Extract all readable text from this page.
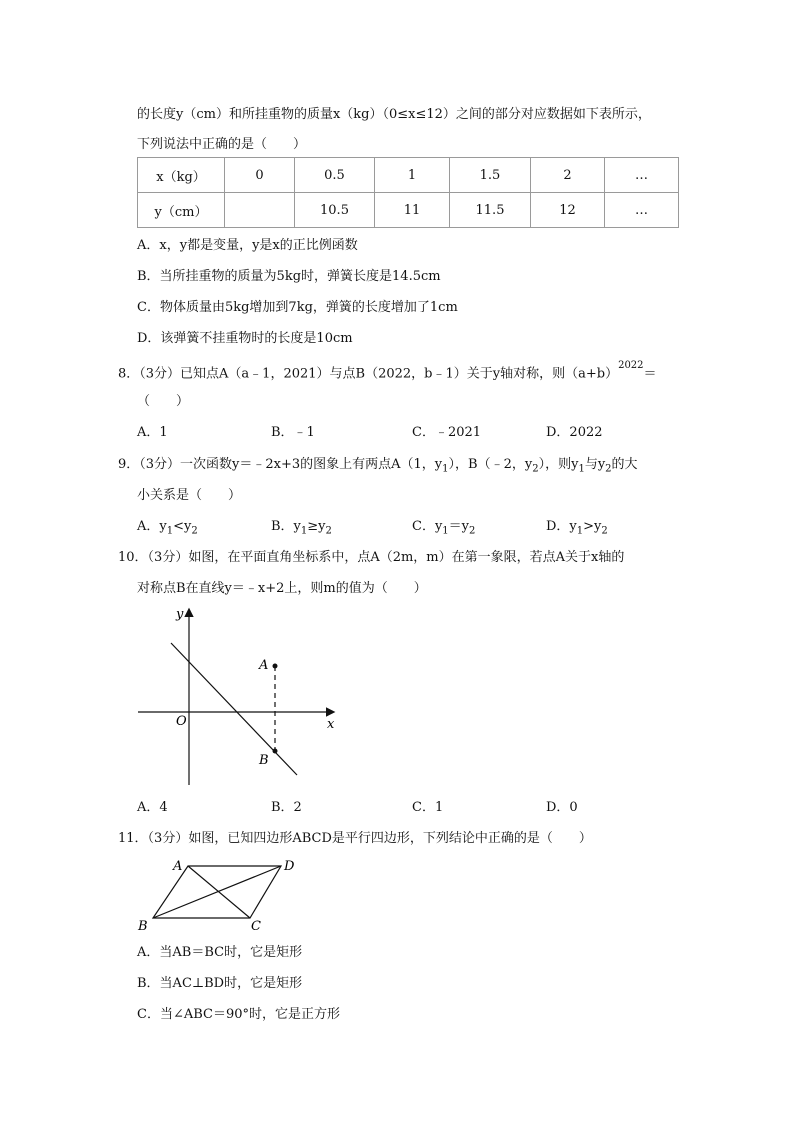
的长度y（cm）和所挂重物的质量x（kg）（0≤x≤12）之间的部分对应数据如下表所示，
下列说法中正确的是（　　）
x（kg）	0	0.5	1	1.5	2	…
y（cm）		10.5	11	11.5	12	…
A．x，y都是变量，y是x的正比例函数
B．当所挂重物的质量为5kg时，弹簧长度是14.5cm
C．物体质量由5kg增加到7kg，弹簧的长度增加了1cm
D．该弹簧不挂重物时的长度是10cm
8．（3分）已知点A（a﹣1，2021）与点B（2022，b﹣1）关于y轴对称，则$(a+b)^{2022}=$
（　　）
A．1	B．﹣1	C．﹣2021	D．2022
9．（3分）一次函数y＝﹣2x+3的图象上有两点A（1，$y_1$），B（﹣2，$y_2$），则$y_1$与$y_2$的大
小关系是（　　）
A．$y_1<y_2$	B．$y_1\ge y_2$	C．$y_1=y_2$	D．$y_1>y_2$
10．（3分）如图，在平面直角坐标系中，点A（2m，m）在第一象限，若点A关于x轴的
对称点B在直线y＝﹣x+2上，则m的值为（　　）
y
x
O
A
B
A．4	B．2	C．1	D．0
11．（3分）如图，已知四边形ABCD是平行四边形，下列结论中正确的是（　　）
A	D
B	C
A．当AB＝BC时，它是矩形
B．当AC⊥BD时，它是矩形
C．当∠ABC＝90°时，它是正方形
